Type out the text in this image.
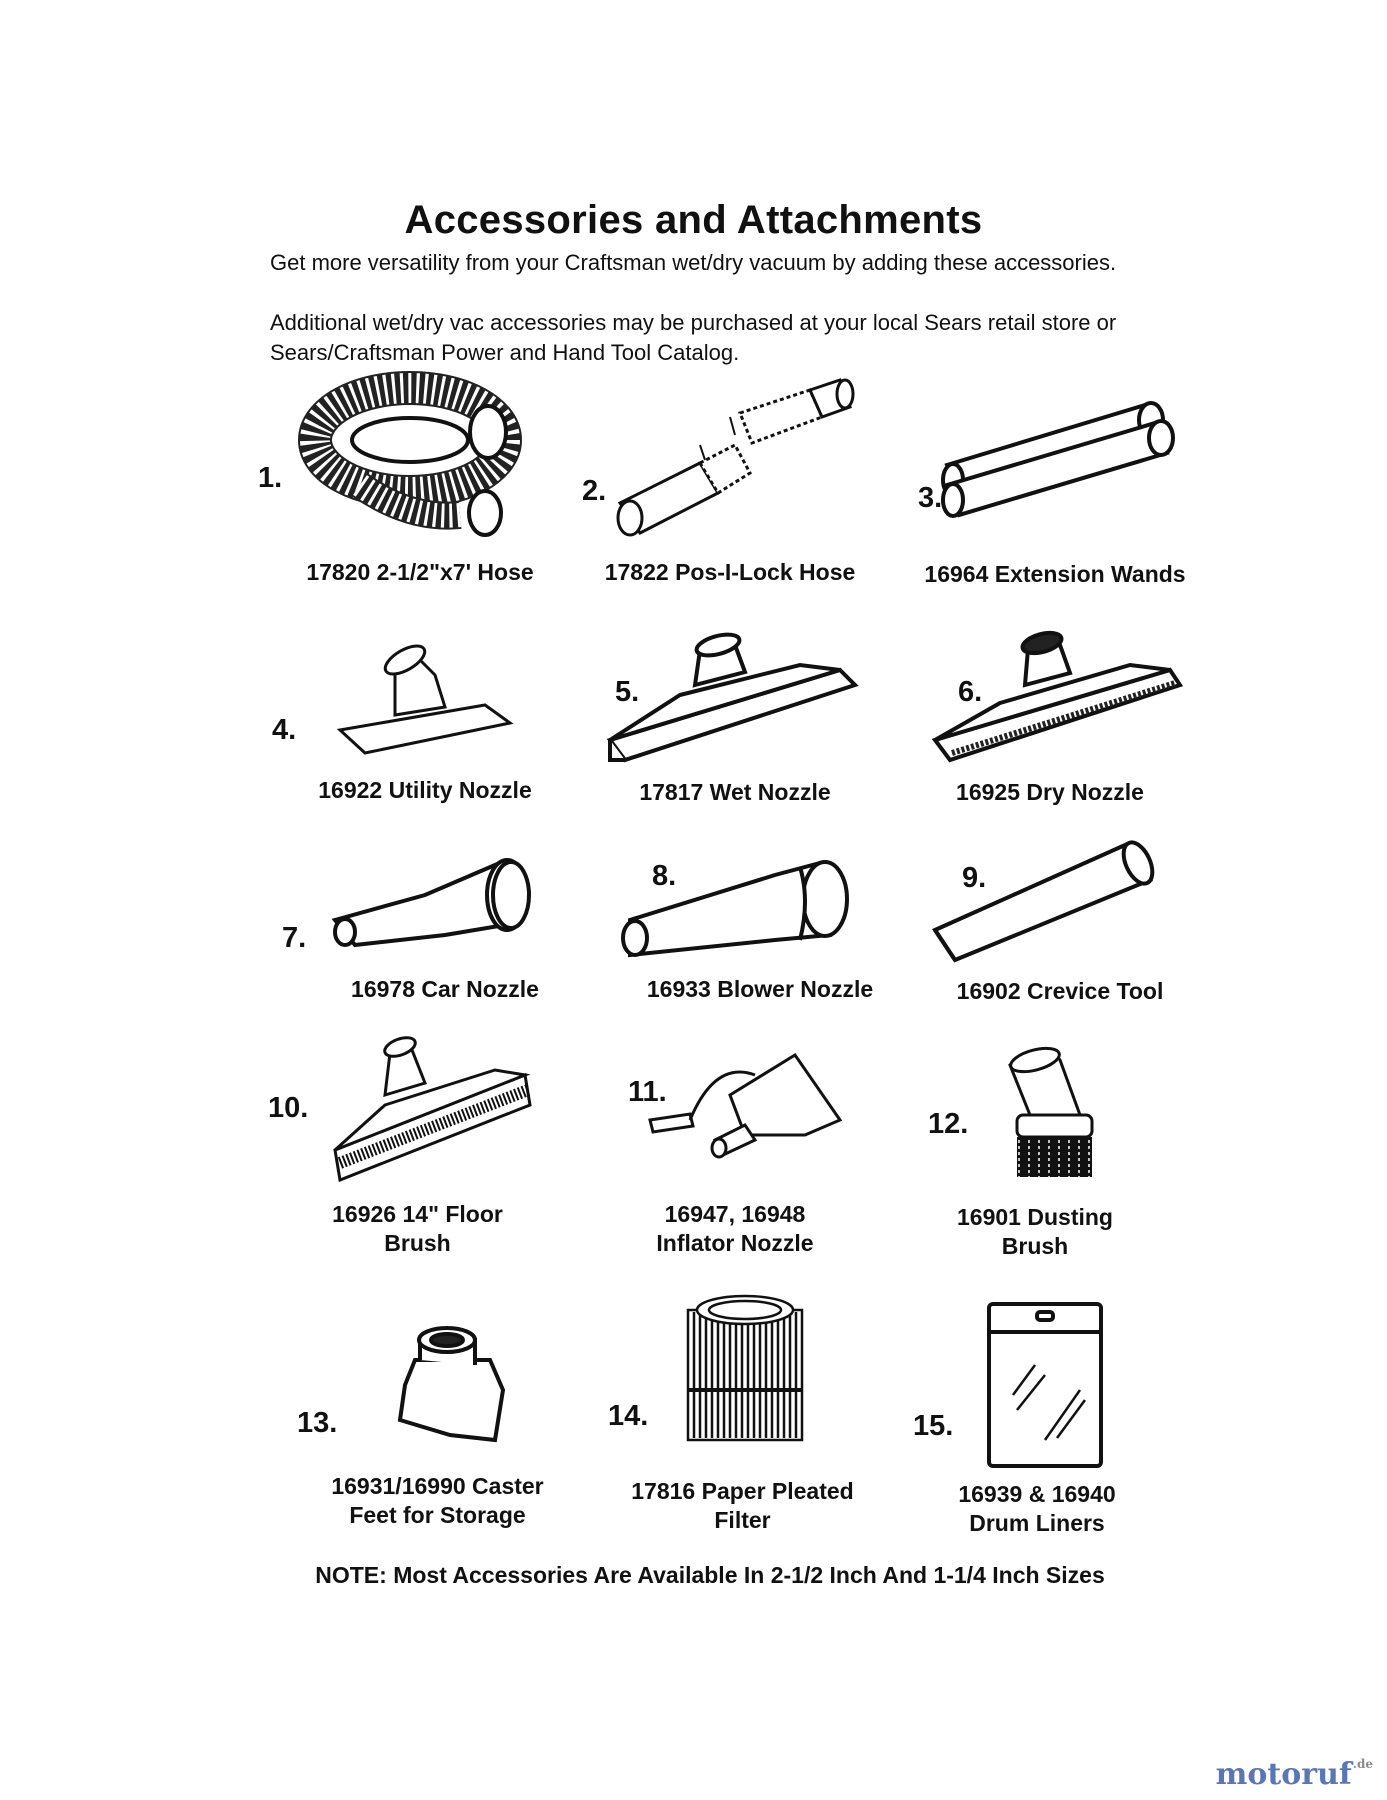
Accessories and Attachments

Get more versatility from your Craftsman wet/dry vacuum by adding these accessories.

Additional wet/dry vac accessories may be purchased at your local Sears retail store or Sears/Craftsman Power and Hand Tool Catalog.

1.
17820 2-1/2"x7' Hose
2.
17822 Pos-I-Lock Hose
3.
16964 Extension Wands
4.
16922 Utility Nozzle
5.
17817 Wet Nozzle
6.
16925 Dry Nozzle
7.
16978 Car Nozzle
8.
16933 Blower Nozzle
9.
16902 Crevice Tool
10.
16926 14" Floor
Brush
11.
16947, 16948
Inflator Nozzle
12.
16901 Dusting
Brush
13.
16931/16990 Caster
Feet for Storage
14.
17816 Paper Pleated
Filter
15.
16939 & 16940
Drum Liners
NOTE: Most Accessories Are Available In 2-1/2 Inch And 1-1/4 Inch Sizes
motoruf$^{.de}$
